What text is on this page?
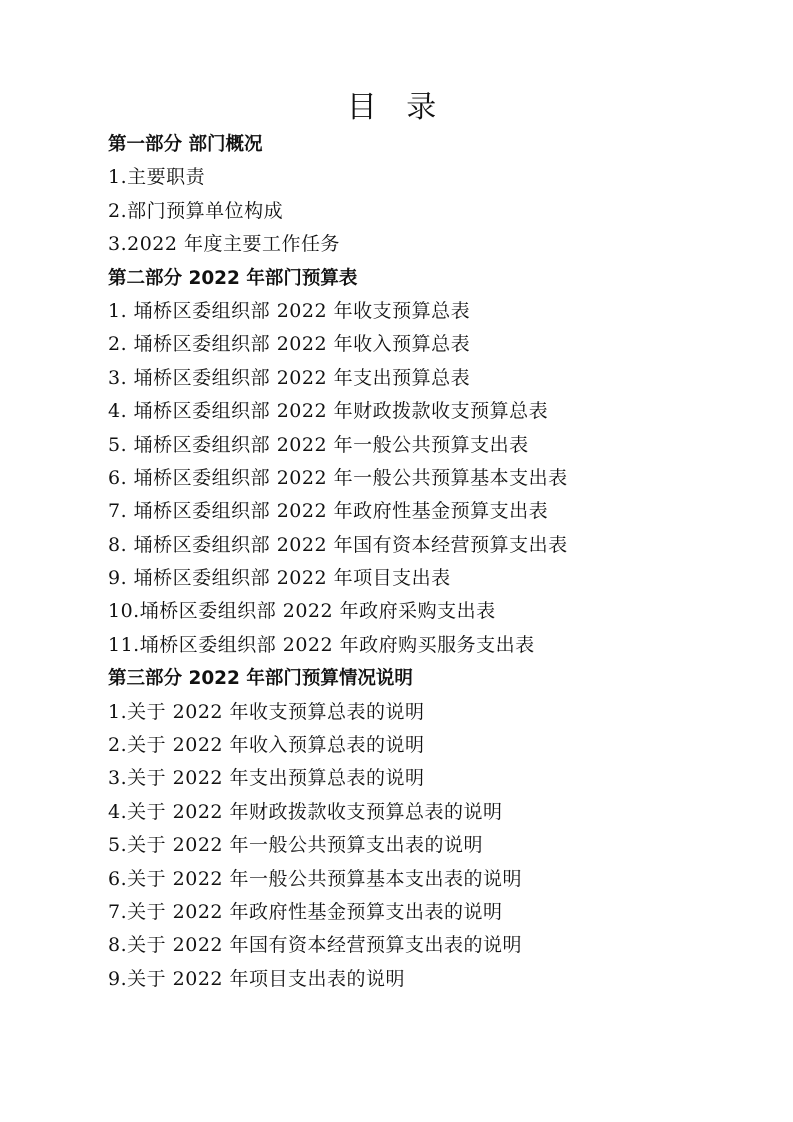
目 录
第一部分 部门概况
1.主要职责
2.部门预算单位构成
3.2022 年度主要工作任务
第二部分 2022 年部门预算表
1. 埇桥区委组织部 2022 年收支预算总表
2. 埇桥区委组织部 2022 年收入预算总表
3. 埇桥区委组织部 2022 年支出预算总表
4. 埇桥区委组织部 2022 年财政拨款收支预算总表
5. 埇桥区委组织部 2022 年一般公共预算支出表
6. 埇桥区委组织部 2022 年一般公共预算基本支出表
7. 埇桥区委组织部 2022 年政府性基金预算支出表
8. 埇桥区委组织部 2022 年国有资本经营预算支出表
9. 埇桥区委组织部 2022 年项目支出表
10.埇桥区委组织部 2022 年政府采购支出表
11.埇桥区委组织部 2022 年政府购买服务支出表
第三部分 2022 年部门预算情况说明
1.关于 2022 年收支预算总表的说明
2.关于 2022 年收入预算总表的说明
3.关于 2022 年支出预算总表的说明
4.关于 2022 年财政拨款收支预算总表的说明
5.关于 2022 年一般公共预算支出表的说明
6.关于 2022 年一般公共预算基本支出表的说明
7.关于 2022 年政府性基金预算支出表的说明
8.关于 2022 年国有资本经营预算支出表的说明
9.关于 2022 年项目支出表的说明
